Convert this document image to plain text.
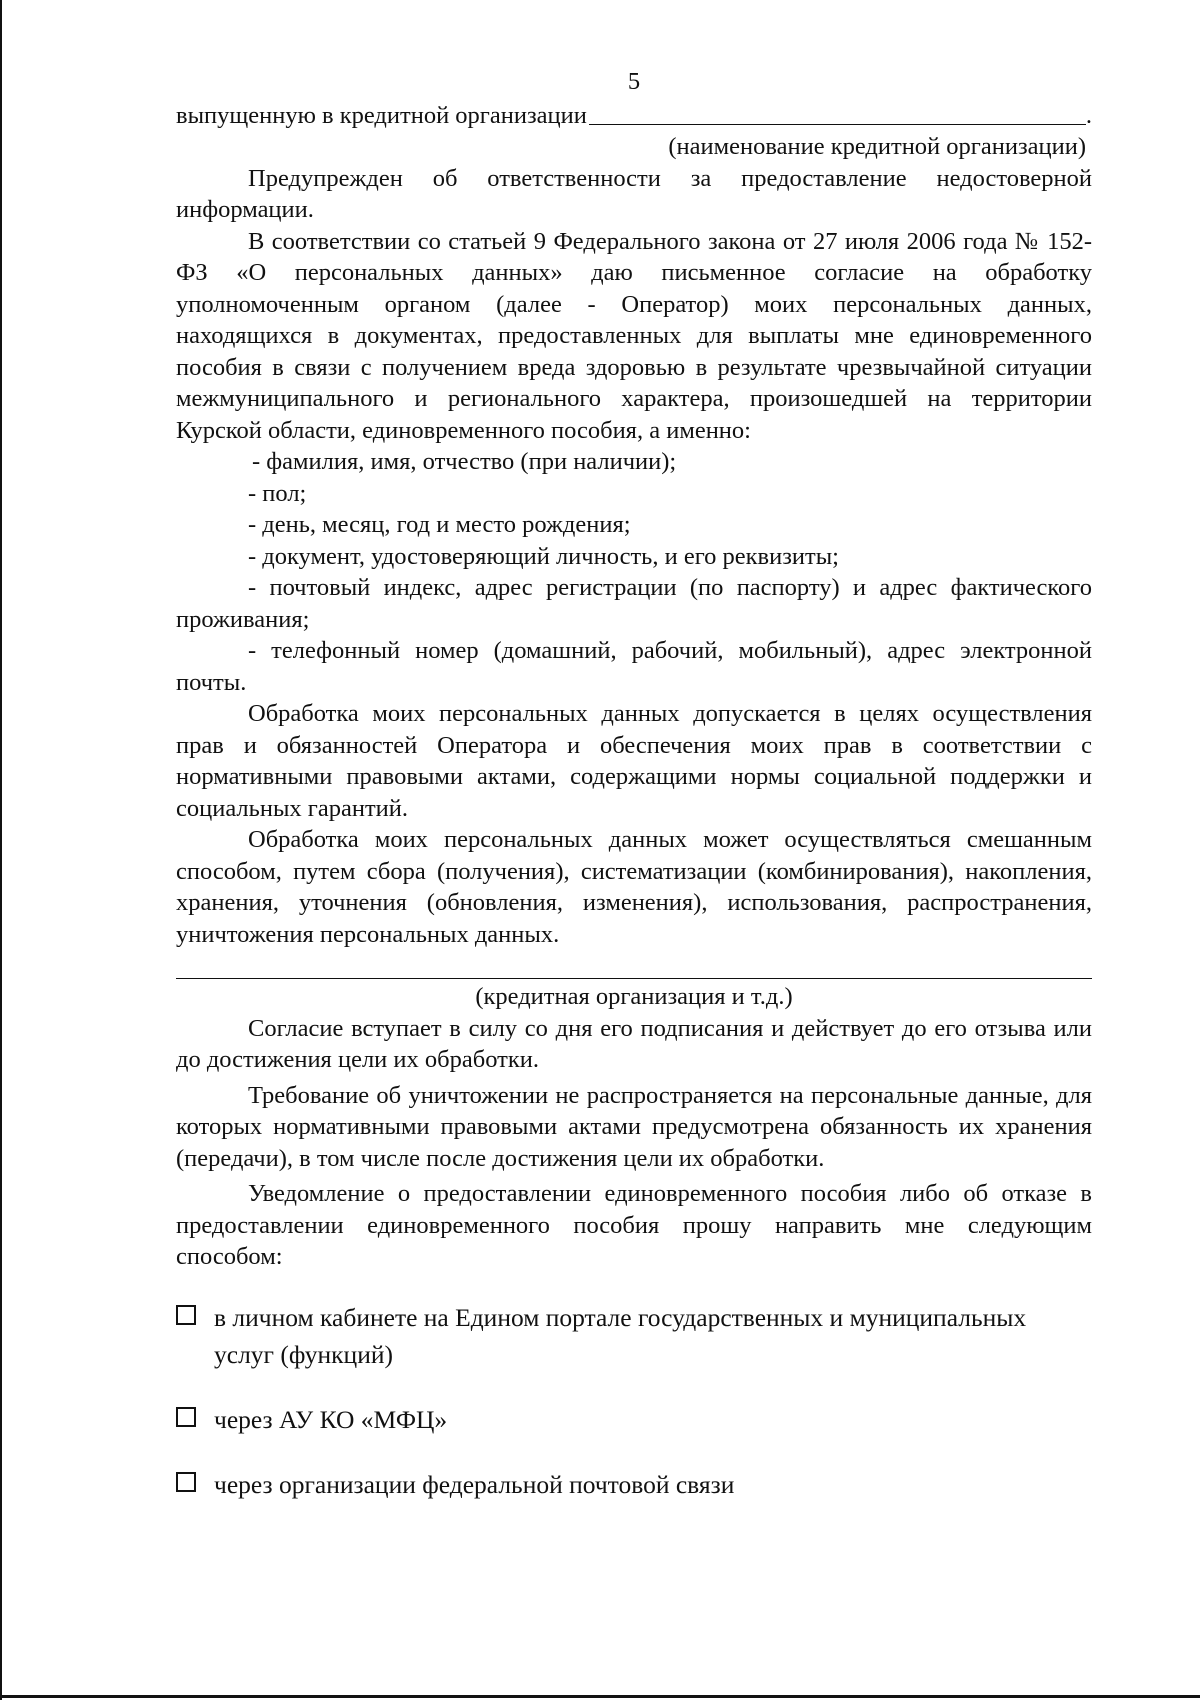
5
выпущенную в кредитной организации	.
(наименование кредитной организации)

Предупрежден об ответственности за предоставление недостоверной информации.

В соответствии со статьей 9 Федерального закона от 27 июля 2006 года № 152-ФЗ «О персональных данных» даю письменное согласие на обработку уполномоченным органом (далее - Оператор) моих персональных данных, находящихся в документах, предоставленных для выплаты мне единовременного пособия в связи с получением вреда здоровью в результате чрезвычайной ситуации межмуниципального и регионального характера, произошедшей на территории Курской области, единовременного пособия, а именно:

- фамилия, имя, отчество (при наличии);

- пол;

- день, месяц, год и место рождения;

- документ, удостоверяющий личность, и его реквизиты;

- почтовый индекс, адрес регистрации (по паспорту) и адрес фактического проживания;

- телефонный номер (домашний, рабочий, мобильный), адрес электронной почты.

Обработка моих персональных данных допускается в целях осуществления прав и обязанностей Оператора и обеспечения моих прав в соответствии с нормативными правовыми актами, содержащими нормы социальной поддержки и социальных гарантий.

Обработка моих персональных данных может осуществляться смешанным способом, путем сбора (получения), систематизации (комбинирования), накопления, хранения, уточнения (обновления, изменения), использования, распространения, уничтожения персональных данных.

(кредитная организация и т.д.)

Согласие вступает в силу со дня его подписания и действует до его отзыва или до достижения цели их обработки.

Требование об уничтожении не распространяется на персональные данные, для которых нормативными правовыми актами предусмотрена обязанность их хранения (передачи), в том числе после достижения цели их обработки.

Уведомление о предоставлении единовременного пособия либо об отказе в предоставлении единовременного пособия прошу направить мне следующим способом:

в личном кабинете на Едином портале государственных и муниципальных услуг (функций)
через АУ КО «МФЦ»
через организации федеральной почтовой связи
